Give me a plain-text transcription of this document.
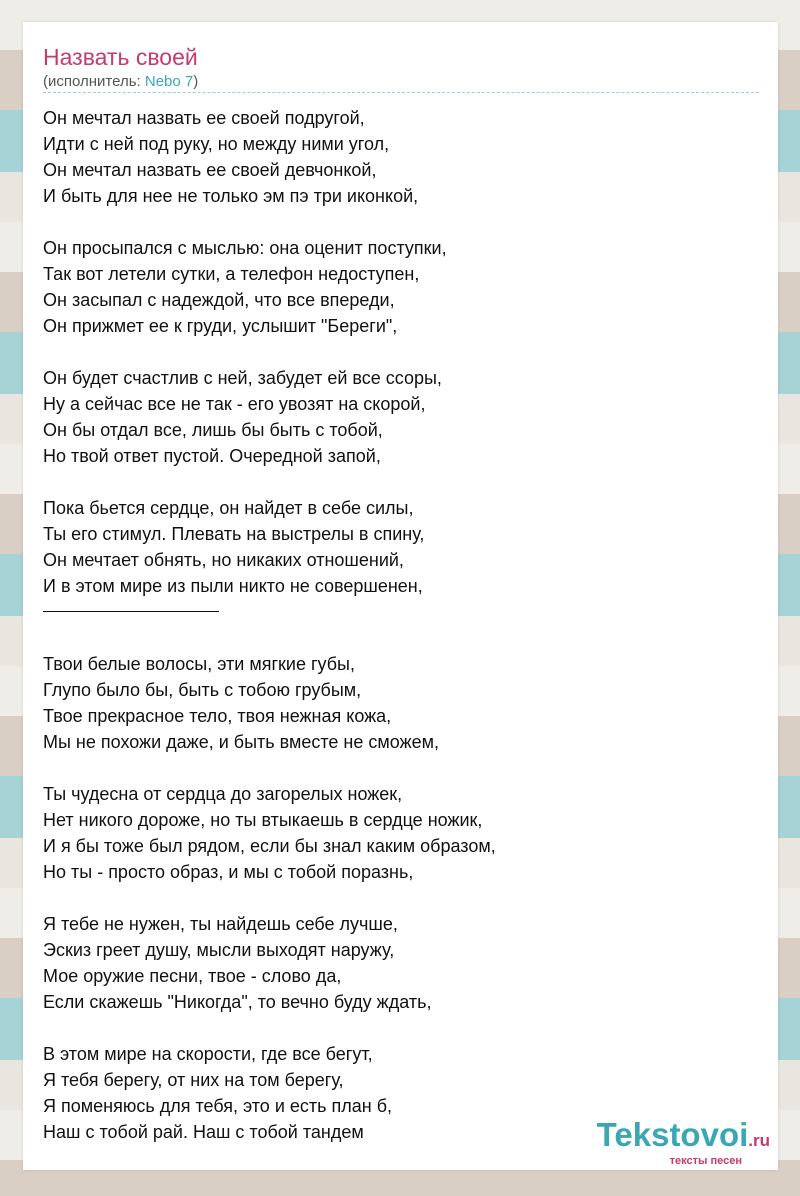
Назвать своей
(исполнитель: Nebo 7)
Он мечтал назвать ее своей подругой,
Идти с ней под руку, но между ними угол,
Он мечтал назвать ее своей девчонкой,
И быть для нее не только эм пэ три иконкой,
Он просыпался с мыслью: она оценит поступки,
Так вот летели сутки, а телефон недоступен,
Он засыпал с надеждой, что все впереди,
Он прижмет ее к груди, услышит "Береги",
Он будет счастлив с ней, забудет ей все ссоры,
Ну а сейчас все не так - его увозят на скорой,
Он бы отдал все, лишь бы быть с тобой,
Но твой ответ пустой. Очередной запой,
Пока бьется сердце, он найдет в себе силы,
Ты его стимул. Плевать на выстрелы в спину,
Он мечтает обнять, но никаких отношений,
И в этом мире из пыли никто не совершенен,
Твои белые волосы, эти мягкие губы,
Глупо было бы, быть с тобою грубым,
Твое прекрасное тело, твоя нежная кожа,
Мы не похожи даже, и быть вместе не сможем,
Ты чудесна от сердца до загорелых ножек,
Нет никого дороже, но ты втыкаешь в сердце ножик,
И я бы тоже был рядом, если бы знал каким образом,
Но ты - просто образ, и мы с тобой поразнь,
Я тебе не нужен, ты найдешь себе лучше,
Эскиз греет душу, мысли выходят наружу,
Мое оружие песни, твое - слово да,
Если скажешь "Никогда", то вечно буду ждать,
В этом мире на скорости, где все бегут,
Я тебя берегу, от них на том берегу,
Я поменяюсь для тебя, это и есть план б,
Наш с тобой рай. Наш с тобой тандем	Tekstovoi.ru
тексты песен
